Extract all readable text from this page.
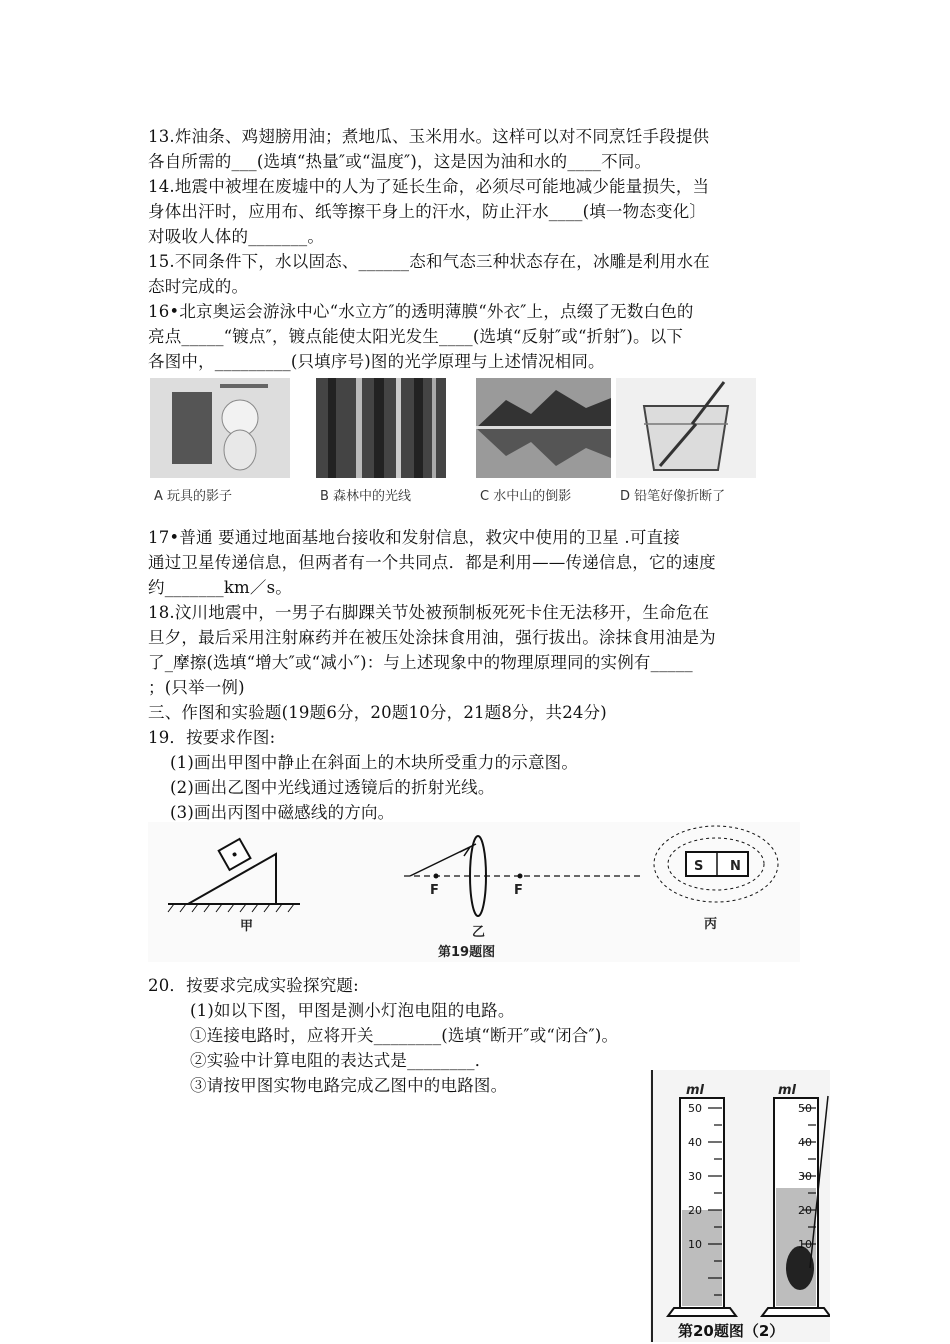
13.炸油条、鸡翅膀用油；煮地瓜、玉米用水。这样可以对不同烹饪手段提供
各自所需的___(选填“热量″或“温度″)，这是因为油和水的____不同。
14.地震中被埋在废墟中的人为了延长生命，必须尽可能地减少能量损失，当
身体出汗时，应用布、纸等擦干身上的汗水，防止汗水____(填一物态变化〕
对吸收人体的_______。
15.不同条件下，水以固态、______态和气态三种状态存在，冰雕是利用水在
态时完成的。
16•北京奥运会游泳中心“水立方″的透明薄膜“外衣″上，点缀了无数白色的
亮点_____“镀点″，镀点能使太阳光发生____(选填“反射″或“折射″)。以下
各图中，_________(只填序号)图的光学原理与上述情况相同。
A 玩具的影子	B 森林中的光线	C 水中山的倒影	D 铅笔好像折断了
17•普通 要通过地面基地台接收和发射信息，救灾中使用的卫星 .可直接
通过卫星传递信息，但两者有一个共同点．都是利用——传递信息，它的速度
约_______km／s。
18.汶川地震中，一男子右脚踝关节处被预制板死死卡住无法移开，生命危在
旦夕，最后采用注射麻药并在被压处涂抹食用油，强行拔出。涂抹食用油是为
了_摩擦(选填“增大″或“减小″)：与上述现象中的物理原理同的实例有_____
；(只举一例)
三、作图和实验题(19题6分，20题10分，21题8分，共24分)
19．按要求作图:
(1)画出甲图中静止在斜面上的木块所受重力的示意图。
(2)画出乙图中光线通过透镜后的折射光线。
(3)画出丙图中磁感线的方向。
甲
F	F
乙
S N
丙
第19题图
20．按要求完成实验探究题:
(1)如以下图，甲图是测小灯泡电阻的电路。
①连接电路时，应将开关________(选填“断开″或“闭合″)。
②实验中计算电阻的表达式是________．
③请按甲图实物电路完成乙图中的电路图。	ml
50
40
30
20
10
ml
50
40
30
20
10
第20题图（2）
